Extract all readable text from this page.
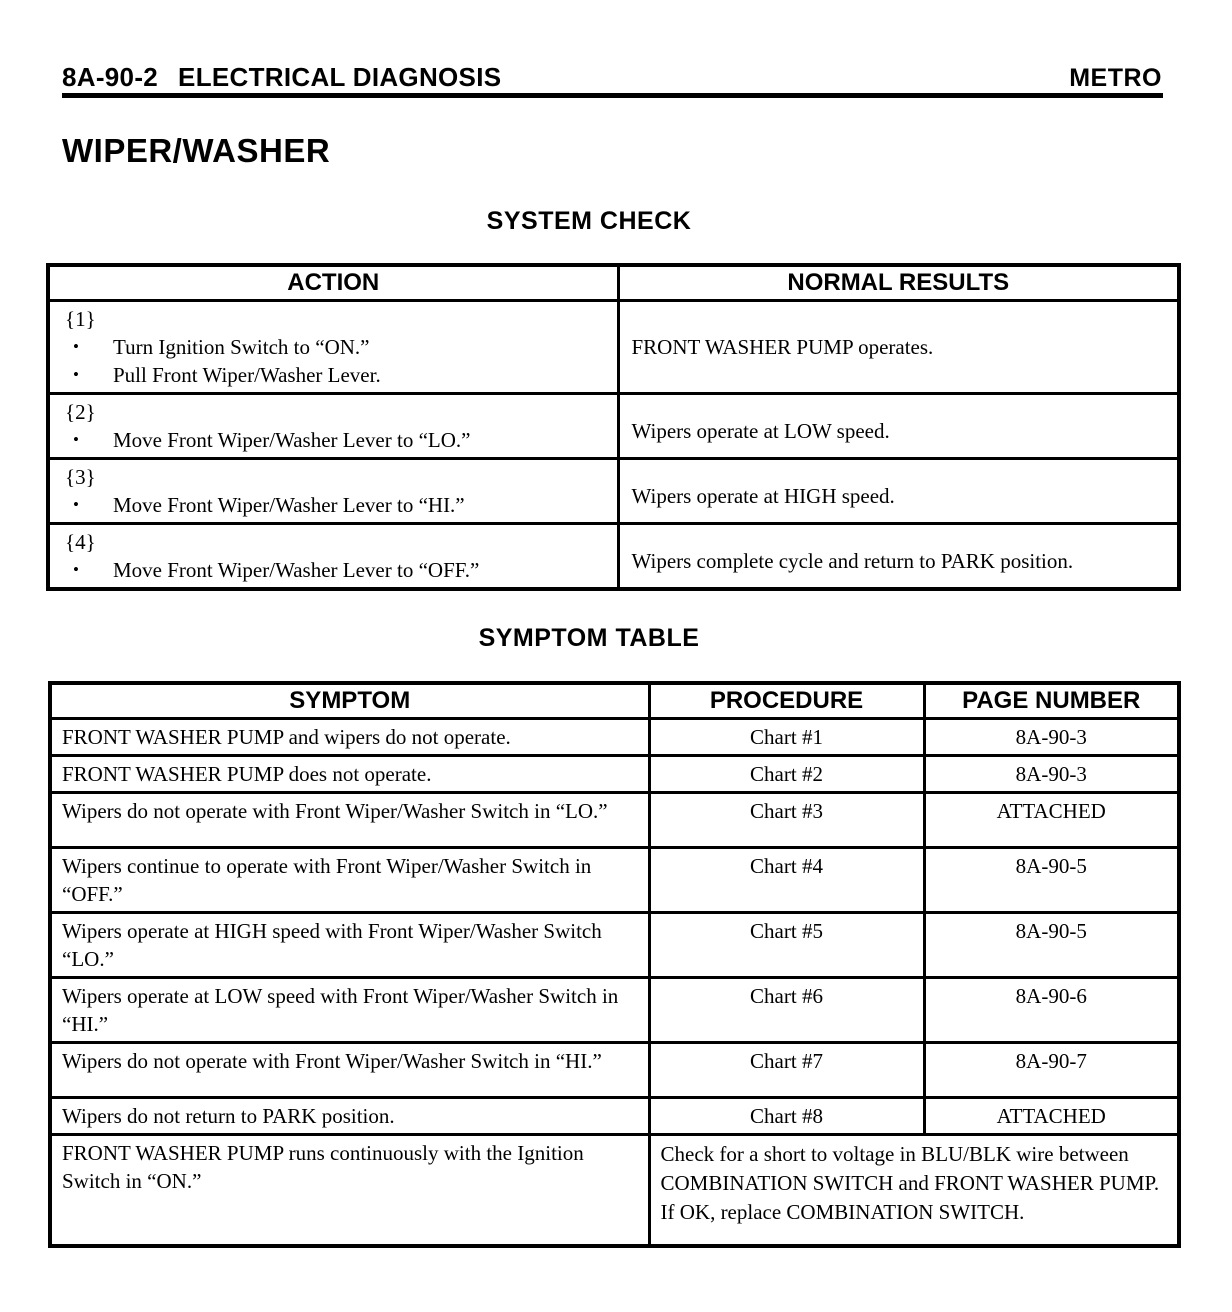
8A-90-2 ELECTRICAL DIAGNOSIS	METRO
WIPER/WASHER
SYSTEM CHECK
ACTION	NORMAL RESULTS

{1}
• Turn Ignition Switch to “ON.”
• Pull Front Wiper/Washer Lever.	FRONT WASHER PUMP operates.

{2}
• Move Front Wiper/Washer Lever to “LO.”	Wipers operate at LOW speed.

{3}
• Move Front Wiper/Washer Lever to “HI.”	Wipers operate at HIGH speed.

{4}
• Move Front Wiper/Washer Lever to “OFF.”	Wipers complete cycle and return to PARK position.
SYMPTOM TABLE
SYMPTOM	PROCEDURE	PAGE NUMBER
FRONT WASHER PUMP and wipers do not operate.	Chart #1	8A-90-3
FRONT WASHER PUMP does not operate.	Chart #2	8A-90-3
Wipers do not operate with Front Wiper/Washer Switch in “LO.”	Chart #3	ATTACHED
Wipers continue to operate with Front Wiper/Washer Switch in “OFF.”	Chart #4	8A-90-5
Wipers operate at HIGH speed with Front Wiper/Washer Switch “LO.”	Chart #5	8A-90-5
Wipers operate at LOW speed with Front Wiper/Washer Switch in “HI.”	Chart #6	8A-90-6
Wipers do not operate with Front Wiper/Washer Switch in “HI.”	Chart #7	8A-90-7
Wipers do not return to PARK position.	Chart #8	ATTACHED
FRONT WASHER PUMP runs continuously with the Ignition Switch in “ON.”	Check for a short to voltage in BLU/BLK wire between COMBINATION SWITCH and FRONT WASHER PUMP. If OK, replace COMBINATION SWITCH.	
